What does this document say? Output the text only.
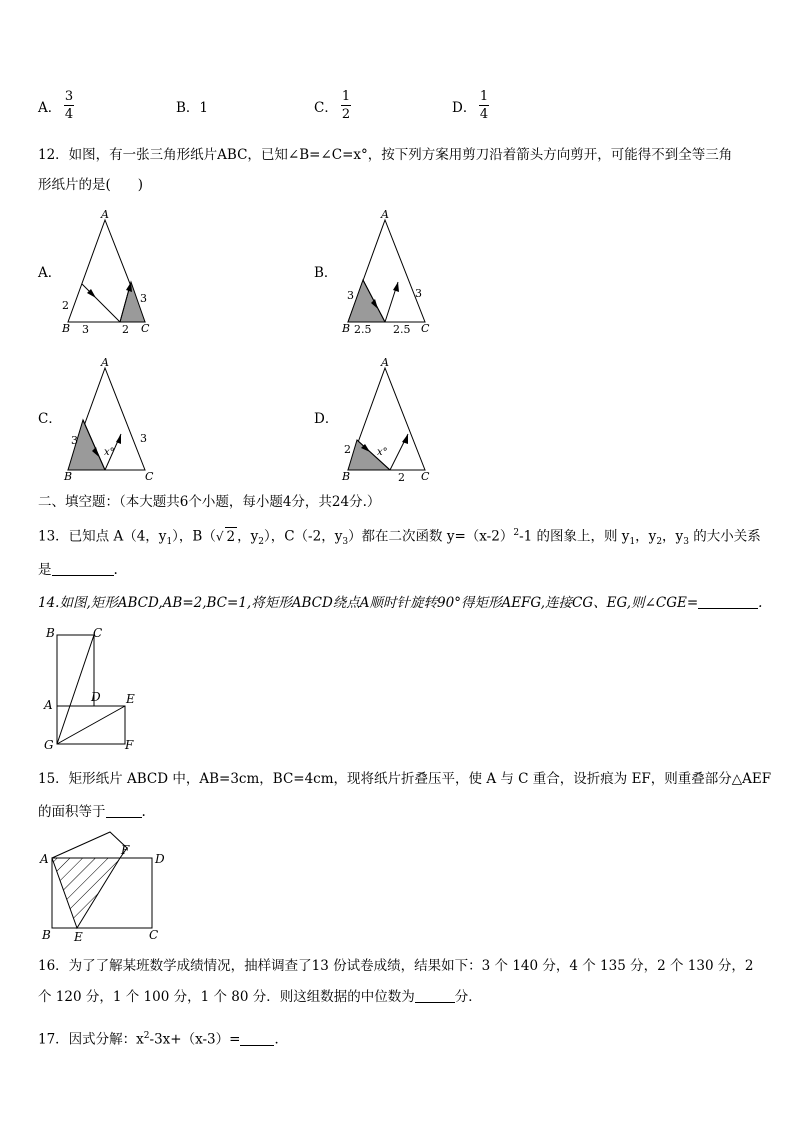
A．
3
4	B．1	C．
1
2	D．
1
4
12．如图，有一张三角形纸片ABC，已知∠B=∠C=x°，按下列方案用剪刀沿着箭头方向剪开，可能得不到全等三角
形纸片的是(　　)
A．	B．
C．	D．
A
2
3
B	C
3	2
A
3	3
B	C
2.5 2.5
A
3	3
x°
B	C
A
2	x°
B	2 C
二、填空题：（本大题共6个小题，每小题4分，共24分.）
13．已知点 A（4，$y_1$），B（√ 2 ，$y_2$），C（-2，$y_3$）都在二次函数 $y=(x-2)^2-1$ 的图象上，则 $y_1$，$y_2$，$y_3$ 的大小关系
是	.
14.如图,矩形ABCD,AB=2,BC=1,将矩形ABCD绕点A顺时针旋转90°得矩形AEFG,连接CG、EG,则∠CGE=	.
B	C
A
D E
G	F
15．矩形纸片 ABCD 中，AB=3cm，BC=4cm，现将纸片折叠压平，使 A 与 C 重合，设折痕为 EF，则重叠部分△AEF
的面积等于	.
A
F
D
B E	C
16．为了了解某班数学成绩情况，抽样调查了13 份试卷成绩，结果如下：3 个 140 分，4 个 135 分，2 个 130 分，2
个 120 分，1 个 100 分，1 个 80 分．则这组数据的中位数为	分．
17．因式分解：$x^2-3x+(x-3)=$	．
